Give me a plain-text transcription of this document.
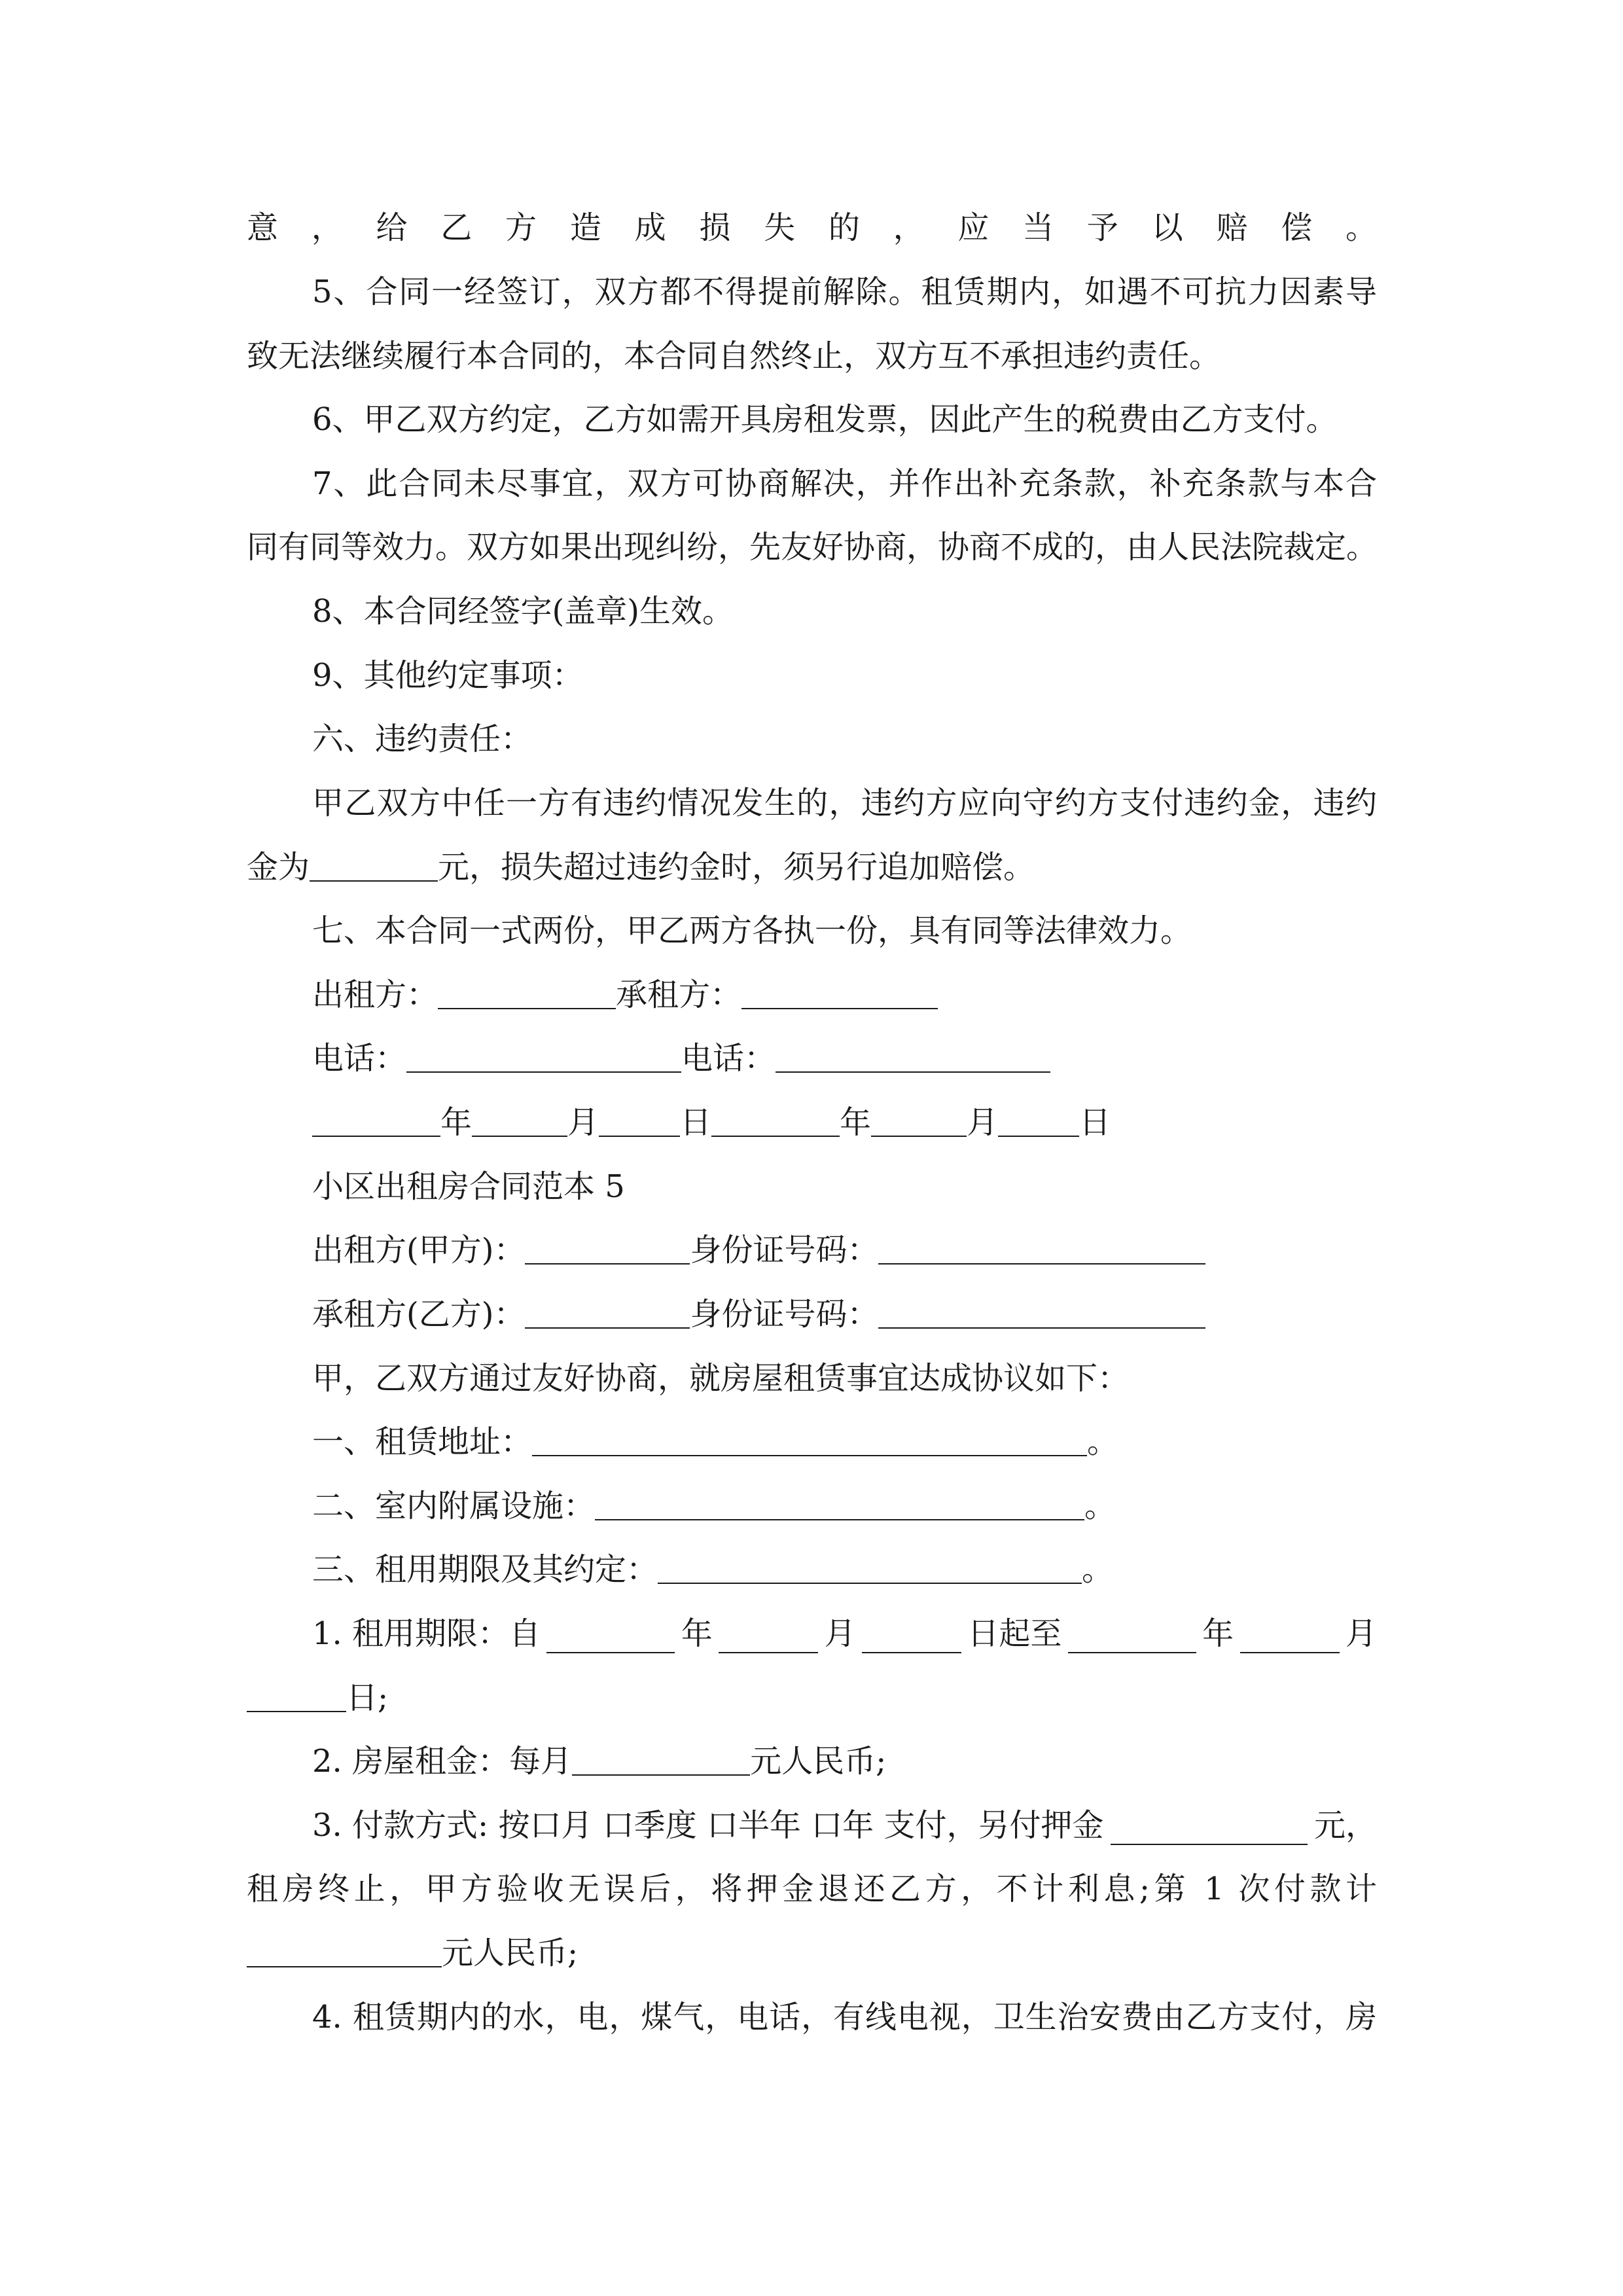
意，给乙方造成损失的，应当予以赔偿。
5、合同一经签订，双方都不得提前解除。租赁期内，如遇不可抗力因素导
致无法继续履行本合同的，本合同自然终止，双方互不承担违约责任。
6、甲乙双方约定，乙方如需开具房租发票，因此产生的税费由乙方支付。
7、此合同未尽事宜，双方可协商解决，并作出补充条款，补充条款与本合
同有同等效力。双方如果出现纠纷，先友好协商，协商不成的，由人民法院裁定。
8、本合同经签字(盖章)生效。
9、其他约定事项：
六、违约责任：
甲乙双方中任一方有违约情况发生的，违约方应向守约方支付违约金，违约
金为	元，损失超过违约金时，须另行追加赔偿。
七、本合同一式两份，甲乙两方各执一份，具有同等法律效力。
出租方：	承租方：
电话：	电话：
年	月	日	年	月	日
小区出租房合同范本 5
出租方(甲方)：	身份证号码：
承租方(乙方)：	身份证号码：
甲，乙双方通过友好协商，就房屋租赁事宜达成协议如下：
一、租赁地址：	。
二、室内附属设施：	。
三、租用期限及其约定：	。
1. 租用期限：自	年	月	日起至	年	月
日;
2. 房屋租金：每月	元人民币;
3. 付款方式: 按口月 口季度 口半年 口年 支付，另付押金	元，
租房终止，甲方验收无误后，将押金退还乙方，不计利息;第 1 次付款计
元人民币;
4. 租赁期内的水，电，煤气，电话，有线电视，卫生治安费由乙方支付，房
